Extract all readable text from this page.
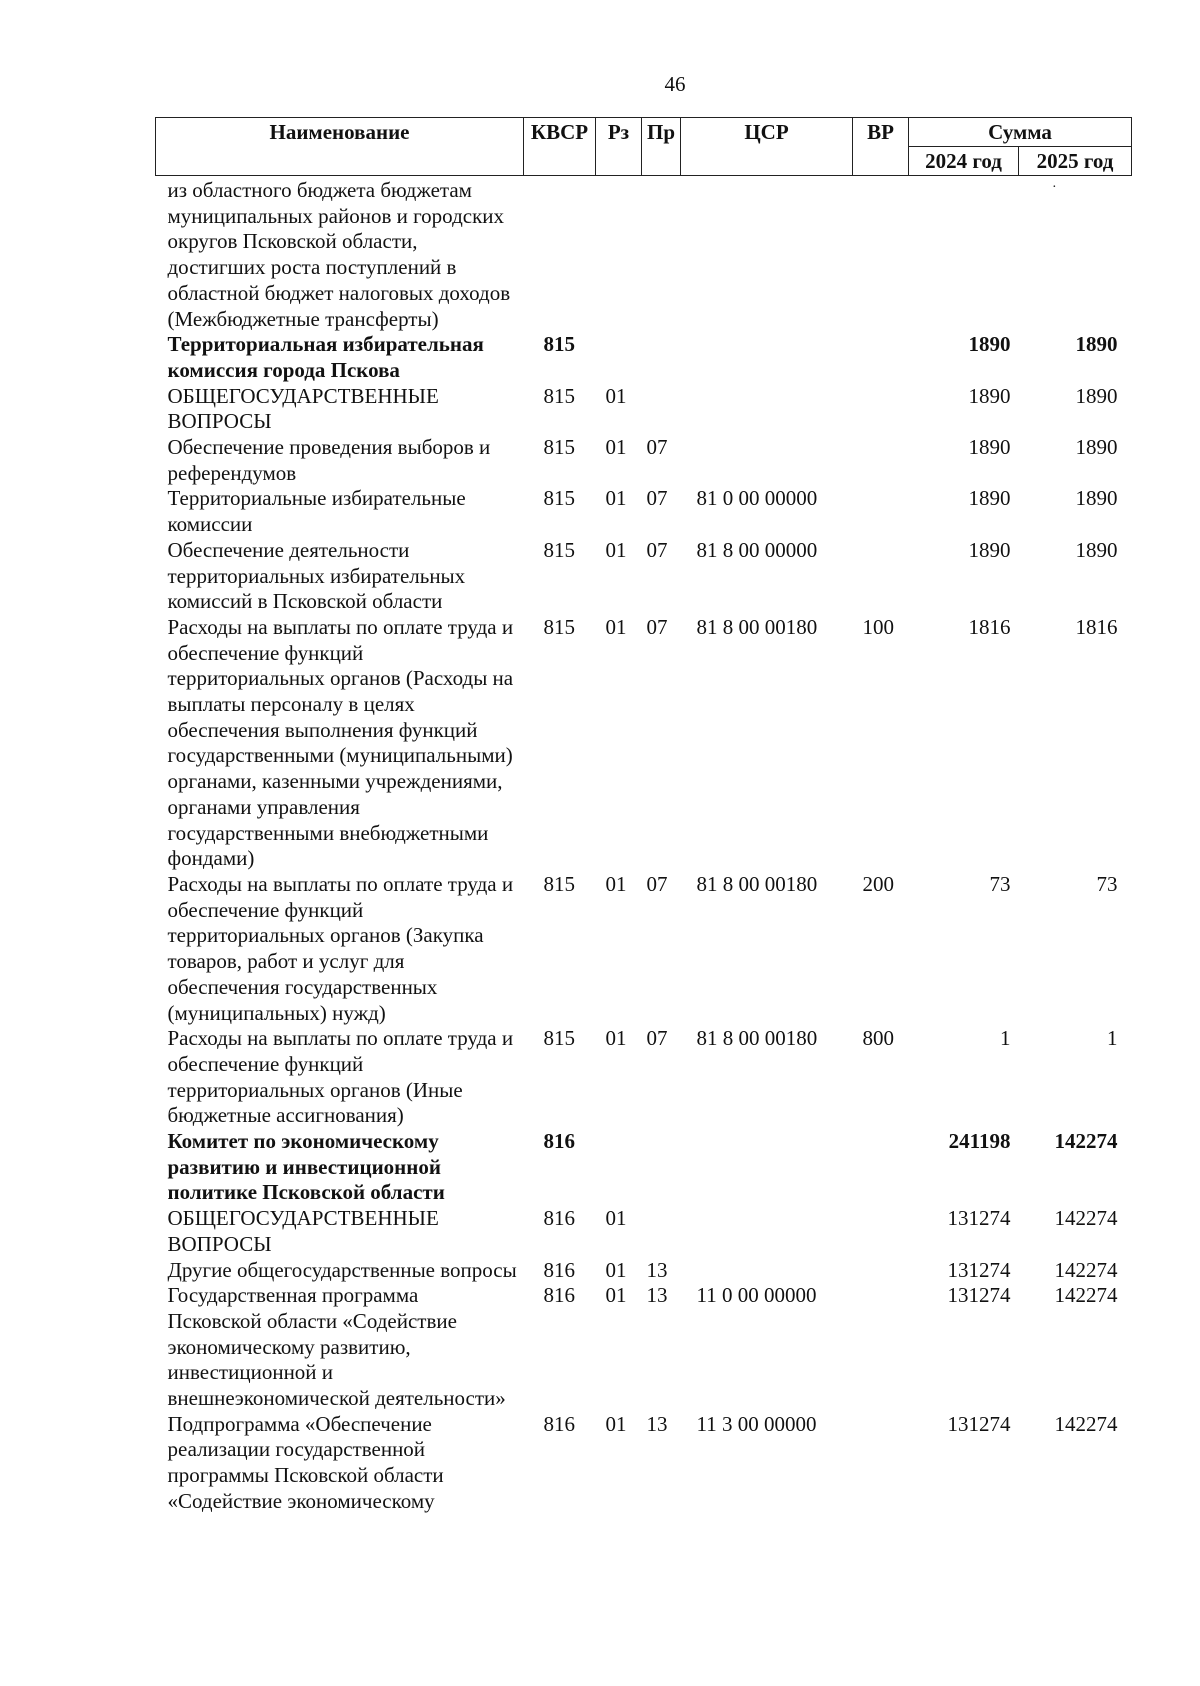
46
·
Наименование	КВСР	Рз	Пр	ЦСР	ВР	Сумма	
						2024 год	2025 год
из областного бюджета бюджетам муниципальных районов и городских округов Псковской области, достигших роста поступлений в областной бюджет налоговых доходов (Межбюджетные трансферты)							
Территориальная избирательная комиссия города Пскова	815					1890	1890
ОБЩЕГОСУДАРСТВЕННЫЕ ВОПРОСЫ	815	01				1890	1890
Обеспечение проведения выборов и референдумов	815	01	07			1890	1890
Территориальные избирательные комиссии	815	01	07	81 0 00 00000		1890	1890
Обеспечение деятельности территориальных избирательных комиссий в Псковской области	815	01	07	81 8 00 00000		1890	1890
Расходы на выплаты по оплате труда и обеспечение функций территориальных органов (Расходы на выплаты персоналу в целях обеспечения выполнения функций государственными (муниципальными) органами, казенными учреждениями, органами управления государственными внебюджетными фондами)	815	01	07	81 8 00 00180	100	1816	1816
Расходы на выплаты по оплате труда и обеспечение функций территориальных органов (Закупка товаров, работ и услуг для обеспечения государственных (муниципальных) нужд)	815	01	07	81 8 00 00180	200	73	73
Расходы на выплаты по оплате труда и обеспечение функций территориальных органов (Иные бюджетные ассигнования)	815	01	07	81 8 00 00180	800	1	1
Комитет по экономическому развитию и инвестиционной политике Псковской области	816					241198	142274
ОБЩЕГОСУДАРСТВЕННЫЕ ВОПРОСЫ	816	01				131274	142274
Другие общегосударственные вопросы	816	01	13			131274	142274
Государственная программа Псковской области «Содействие экономическому развитию, инвестиционной и внешнеэкономической деятельности»	816	01	13	11 0 00 00000		131274	142274
Подпрограмма «Обеспечение реализации государственной программы Псковской области «Содействие экономическому	816	01	13	11 3 00 00000		131274	142274
